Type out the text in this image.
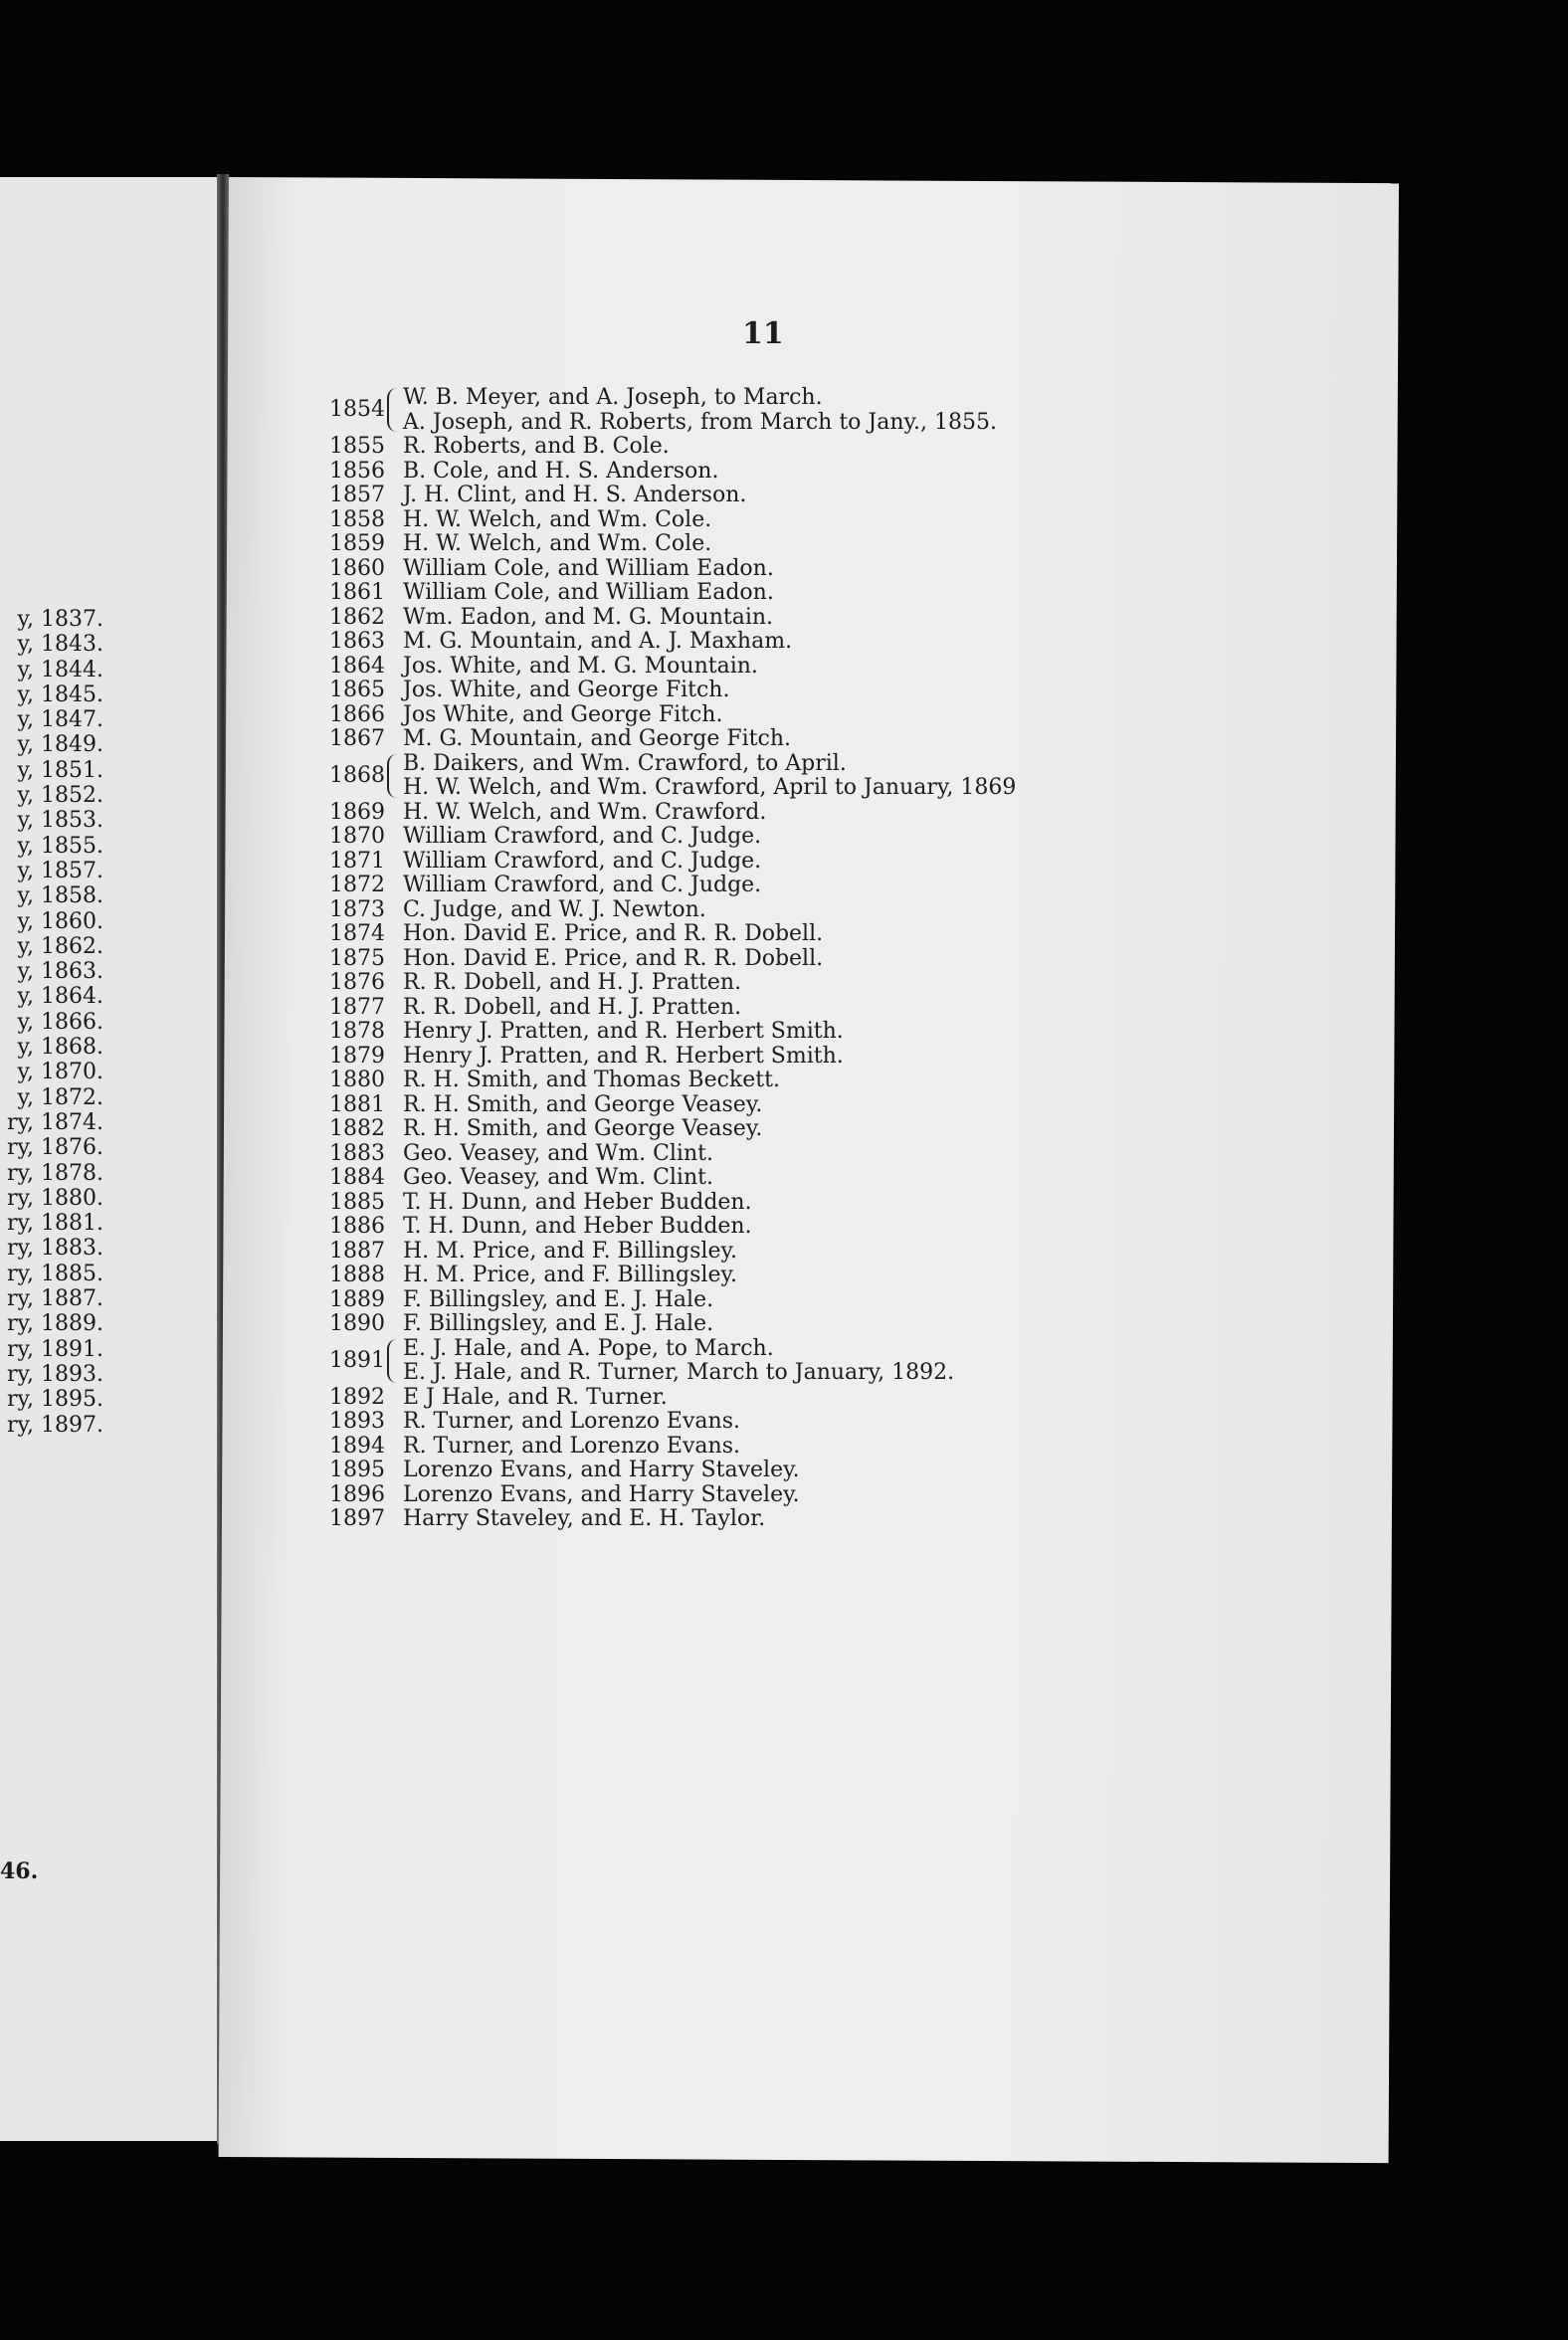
y, 1837.
y, 1843.
y, 1844.
y, 1845.
y, 1847.
y, 1849.
y, 1851.
y, 1852.
y, 1853.
y, 1855.
y, 1857.
y, 1858.
y, 1860.
y, 1862.
y, 1863.
y, 1864.
y, 1866.
y, 1868.
y, 1870.
y, 1872.
ry, 1874.
ry, 1876.
ry, 1878.
ry, 1880.
ry, 1881.
ry, 1883.
ry, 1885.
ry, 1887.
ry, 1889.
ry, 1891.
ry, 1893.
ry, 1895.
ry, 1897.
46.
11
1854 W. B. Meyer, and A. Joseph, to March.
A. Joseph, and R. Roberts, from March to Jany., 1855.
1855 R. Roberts, and B. Cole.
1856 B. Cole, and H. S. Anderson.
1857 J. H. Clint, and H. S. Anderson.
1858 H. W. Welch, and Wm. Cole.
1859 H. W. Welch, and Wm. Cole.
1860 William Cole, and William Eadon.
1861 William Cole, and William Eadon.
1862 Wm. Eadon, and M. G. Mountain.
1863 M. G. Mountain, and A. J. Maxham.
1864 Jos. White, and M. G. Mountain.
1865 Jos. White, and George Fitch.
1866 Jos White, and George Fitch.
1867 M. G. Mountain, and George Fitch.
1868 B. Daikers, and Wm. Crawford, to April.
H. W. Welch, and Wm. Crawford, April to January, 1869
1869 H. W. Welch, and Wm. Crawford.
1870 William Crawford, and C. Judge.
1871 William Crawford, and C. Judge.
1872 William Crawford, and C. Judge.
1873 C. Judge, and W. J. Newton.
1874 Hon. David E. Price, and R. R. Dobell.
1875 Hon. David E. Price, and R. R. Dobell.
1876 R. R. Dobell, and H. J. Pratten.
1877 R. R. Dobell, and H. J. Pratten.
1878 Henry J. Pratten, and R. Herbert Smith.
1879 Henry J. Pratten, and R. Herbert Smith.
1880 R. H. Smith, and Thomas Beckett.
1881 R. H. Smith, and George Veasey.
1882 R. H. Smith, and George Veasey.
1883 Geo. Veasey, and Wm. Clint.
1884 Geo. Veasey, and Wm. Clint.
1885 T. H. Dunn, and Heber Budden.
1886 T. H. Dunn, and Heber Budden.
1887 H. M. Price, and F. Billingsley.
1888 H. M. Price, and F. Billingsley.
1889 F. Billingsley, and E. J. Hale.
1890 F. Billingsley, and E. J. Hale.
1891 E. J. Hale, and A. Pope, to March.
E. J. Hale, and R. Turner, March to January, 1892.
1892 E J Hale, and R. Turner.
1893 R. Turner, and Lorenzo Evans.
1894 R. Turner, and Lorenzo Evans.
1895 Lorenzo Evans, and Harry Staveley.
1896 Lorenzo Evans, and Harry Staveley.
1897 Harry Staveley, and E. H. Taylor.
